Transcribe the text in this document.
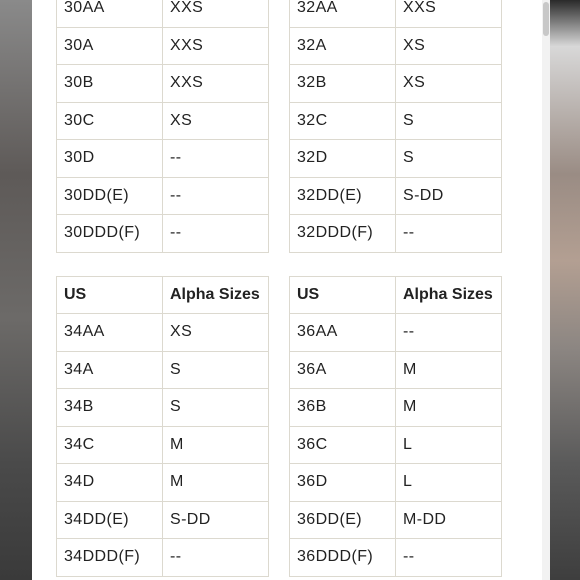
30AA	XXS
30A	XXS
30B	XXS
30C	XS
30D	--
30DD(E)	--
30DDD(F)	--
32AA	XXS
32A	XS
32B	XS
32C	S
32D	S
32DD(E)	S-DD
32DDD(F)	--
US	Alpha Sizes
34AA	XS
34A	S
34B	S
34C	M
34D	M
34DD(E)	S-DD
34DDD(F)	--
US	Alpha Sizes
36AA	--
36A	M
36B	M
36C	L
36D	L
36DD(E)	M-DD
36DDD(F)	--
